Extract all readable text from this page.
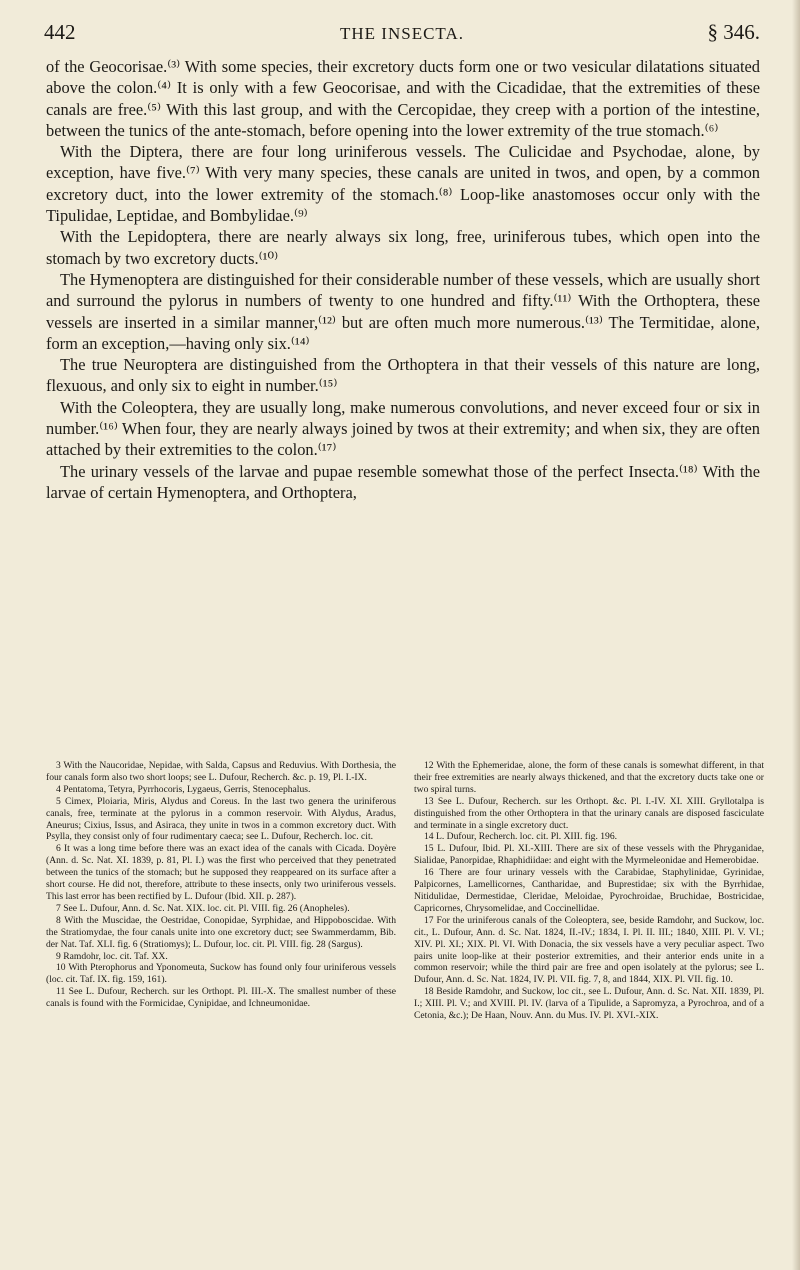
442	THE INSECTA.	§ 346.

of the Geocorisae.⁽³⁾ With some species, their excretory ducts form one or two vesicular dilatations situated above the colon.⁽⁴⁾ It is only with a few Geocorisae, and with the Cicadidae, that the extremities of these canals are free.⁽⁵⁾ With this last group, and with the Cercopidae, they creep with a portion of the intestine, between the tunics of the ante-stomach, before opening into the lower extremity of the true stomach.⁽⁶⁾

With the Diptera, there are four long uriniferous vessels. The Culicidae and Psychodae, alone, by exception, have five.⁽⁷⁾ With very many species, these canals are united in twos, and open, by a common excretory duct, into the lower extremity of the stomach.⁽⁸⁾ Loop-like anastomoses occur only with the Tipulidae, Leptidae, and Bombylidae.⁽⁹⁾

With the Lepidoptera, there are nearly always six long, free, uriniferous tubes, which open into the stomach by two excretory ducts.⁽¹⁰⁾

The Hymenoptera are distinguished for their considerable number of these vessels, which are usually short and surround the pylorus in numbers of twenty to one hundred and fifty.⁽¹¹⁾ With the Orthoptera, these vessels are inserted in a similar manner,⁽¹²⁾ but are often much more numerous.⁽¹³⁾ The Termitidae, alone, form an exception,—having only six.⁽¹⁴⁾

The true Neuroptera are distinguished from the Orthoptera in that their vessels of this nature are long, flexuous, and only six to eight in number.⁽¹⁵⁾

With the Coleoptera, they are usually long, make numerous convolutions, and never exceed four or six in number.⁽¹⁶⁾ When four, they are nearly always joined by twos at their extremity; and when six, they are often attached by their extremities to the colon.⁽¹⁷⁾

The urinary vessels of the larvae and pupae resemble somewhat those of the perfect Insecta.⁽¹⁸⁾ With the larvae of certain Hymenoptera, and Orthoptera,

3 With the Naucoridae, Nepidae, with Salda, Capsus and Reduvius. With Dorthesia, the four canals form also two short loops; see L. Dufour, Recherch. &c. p. 19, Pl. I.-IX.

4 Pentatoma, Tetyra, Pyrrhocoris, Lygaeus, Gerris, Stenocephalus.

5 Cimex, Ploiaria, Miris, Alydus and Coreus. In the last two genera the uriniferous canals, free, terminate at the pylorus in a common reservoir. With Alydus, Aradus, Aneurus; Cixius, Issus, and Asiraca, they unite in twos in a common excretory duct. With Psylla, they consist only of four rudimentary caeca; see L. Dufour, Recherch. loc. cit.

6 It was a long time before there was an exact idea of the canals with Cicada. Doyère (Ann. d. Sc. Nat. XI. 1839, p. 81, Pl. I.) was the first who perceived that they penetrated between the tunics of the stomach; but he supposed they reappeared on its surface after a short course. He did not, therefore, attribute to these insects, only two uriniferous vessels. This last error has been rectified by L. Dufour (Ibid. XII. p. 287).

7 See L. Dufour, Ann. d. Sc. Nat. XIX. loc. cit. Pl. VIII. fig. 26 (Anopheles).

8 With the Muscidae, the Oestridae, Conopidae, Syrphidae, and Hippoboscidae. With the Stratiomydae, the four canals unite into one excretory duct; see Swammerdamm, Bib. der Nat. Taf. XLI. fig. 6 (Stratiomys); L. Dufour, loc. cit. Pl. VIII. fig. 28 (Sargus).

9 Ramdohr, loc. cit. Taf. XX.

10 With Pterophorus and Yponomeuta, Suckow has found only four uriniferous vessels (loc. cit. Taf. IX. fig. 159, 161).

11 See L. Dufour, Recherch. sur les Orthopt. Pl. III.-X. The smallest number of these canals is found with the Formicidae, Cynipidae, and Ichneumonidae.

12 With the Ephemeridae, alone, the form of these canals is somewhat different, in that their free extremities are nearly always thickened, and that the excretory ducts take one or two spiral turns.

13 See L. Dufour, Recherch. sur les Orthopt. &c. Pl. I.-IV. XI. XIII. Gryllotalpa is distinguished from the other Orthoptera in that the urinary canals are disposed fasciculate and terminate in a single excretory duct.

14 L. Dufour, Recherch. loc. cit. Pl. XIII. fig. 196.

15 L. Dufour, Ibid. Pl. XI.-XIII. There are six of these vessels with the Phryganidae, Sialidae, Panorpidae, Rhaphidiidae: and eight with the Myrmeleonidae and Hemerobidae.

16 There are four urinary vessels with the Carabidae, Staphylinidae, Gyrinidae, Palpicornes, Lamellicornes, Cantharidae, and Buprestidae; six with the Byrrhidae, Nitidulidae, Dermestidae, Cleridae, Meloidae, Pyrochroidae, Bruchidae, Bostricidae, Capricornes, Chrysomelidae, and Coccinellidae.

17 For the uriniferous canals of the Coleoptera, see, beside Ramdohr, and Suckow, loc. cit., L. Dufour, Ann. d. Sc. Nat. 1824, II.-IV.; 1834, I. Pl. II. III.; 1840, XIII. Pl. V. VI.; XIV. Pl. XI.; XIX. Pl. VI. With Donacia, the six vessels have a very peculiar aspect. Two pairs unite loop-like at their posterior extremities, and their anterior ends unite in a common reservoir; while the third pair are free and open isolately at the pylorus; see L. Dufour, Ann. d. Sc. Nat. 1824, IV. Pl. VII. fig. 7, 8, and 1844, XIX. Pl. VII. fig. 10.

18 Beside Ramdohr, and Suckow, loc cit., see L. Dufour, Ann. d. Sc. Nat. XII. 1839, Pl. I.; XIII. Pl. V.; and XVIII. Pl. IV. (larva of a Tipulide, a Sapromyza, a Pyrochroa, and of a Cetonia, &c.); De Haan, Nouv. Ann. du Mus. IV. Pl. XVI.-XIX.
